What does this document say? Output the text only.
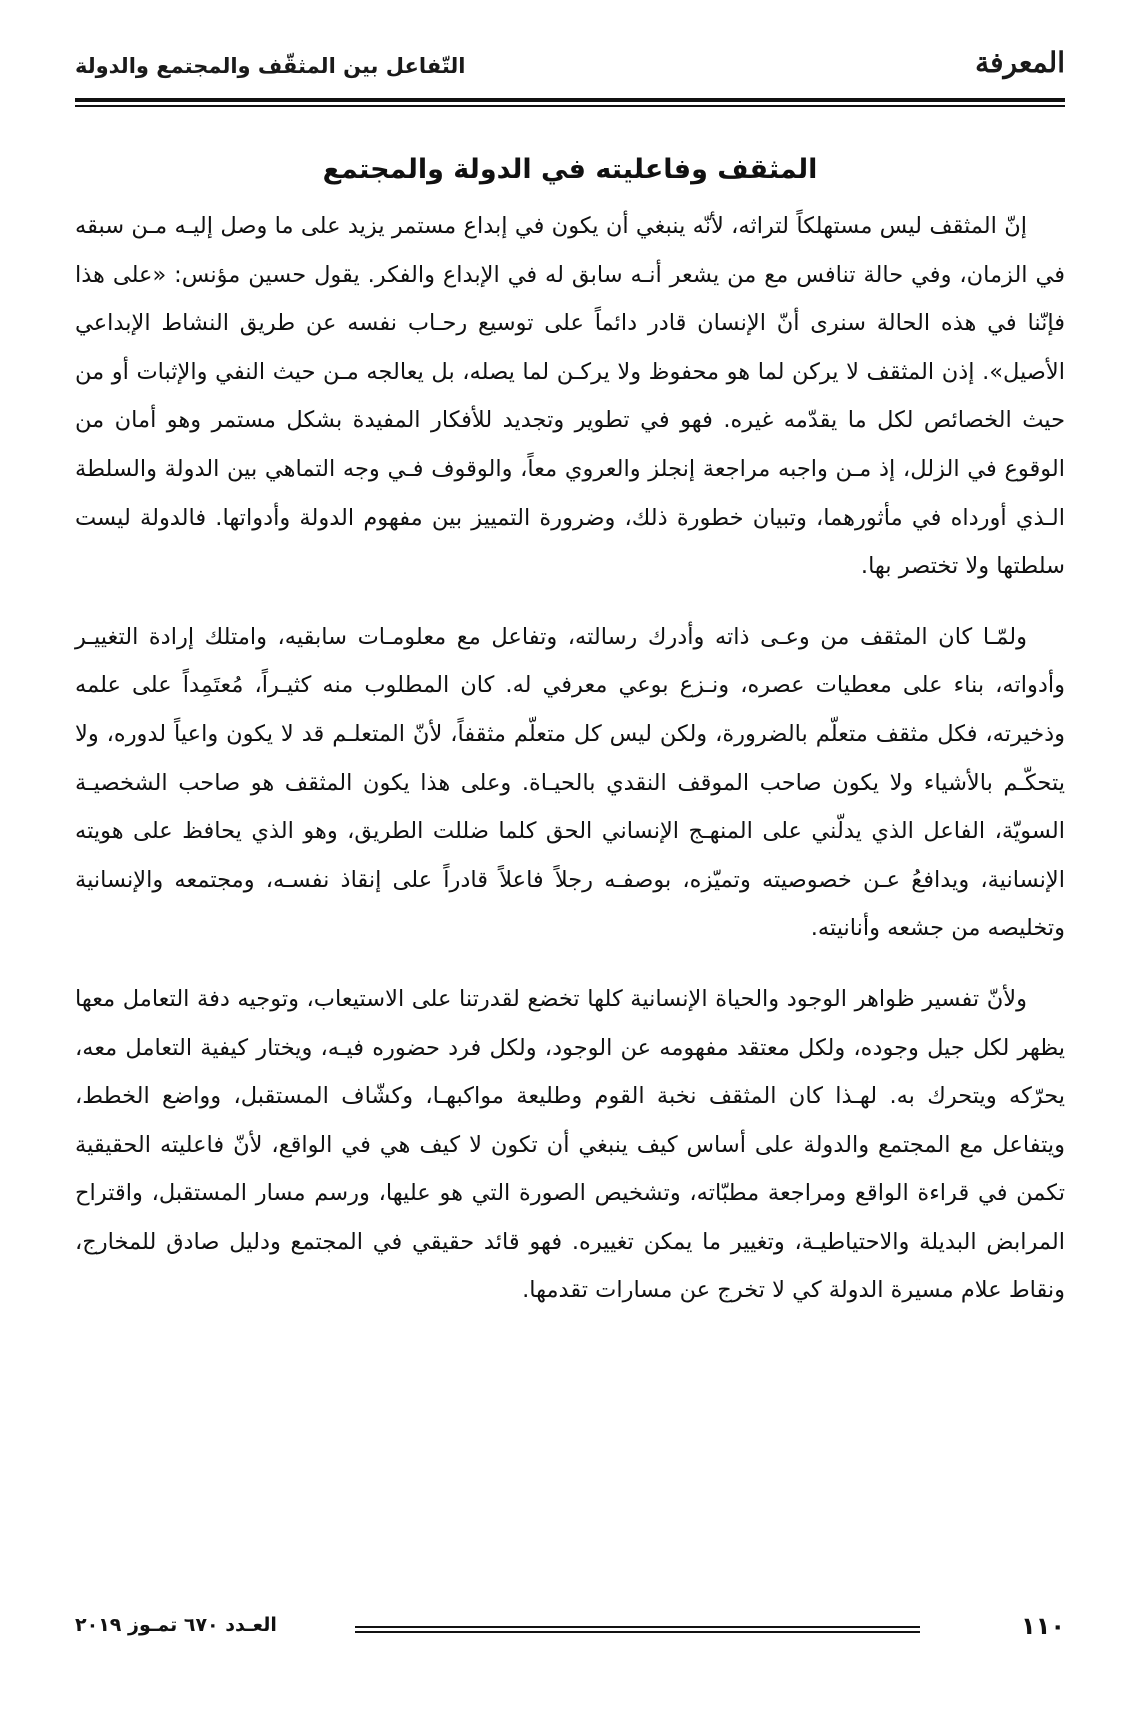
المعرفة
التّفاعل بين المثقّف والمجتمع والدولة
المثقف وفاعليته في الدولة والمجتمع

إنّ المثقف ليس مستهلكاً لتراثه، لأنّه ينبغي أن يكون في إبداع مستمر يزيد على ما وصل إليـه مـن سبقه في الزمان، وفي حالة تنافس مع من يشعر أنـه سابق له في الإبداع والفكر. يقول حسين مؤنس: «على هذا فإنّنا في هذه الحالة سنرى أنّ الإنسان قادر دائماً على توسيع رحـاب نفسه عن طريق النشاط الإبداعي الأصيل». إذن المثقف لا يركن لما هو محفوظ ولا يركـن لما يصله، بل يعالجه مـن حيث النفي والإثبات أو من حيث الخصائص لكل ما يقدّمه غيره. فهو في تطوير وتجديد للأفكار المفيدة بشكل مستمر وهو أمان من الوقوع في الزلل، إذ مـن واجبه مراجعة إنجلز والعروي معاً، والوقوف فـي وجه التماهي بين الدولة والسلطة الـذي أورداه في مأثورهما، وتبيان خطورة ذلك، وضرورة التمييز بين مفهوم الدولة وأدواتها. فالدولة ليست سلطتها ولا تختصر بها.

ولمّـا كان المثقف من وعـى ذاته وأدرك رسالته، وتفاعل مع معلومـات سابقيه، وامتلك إرادة التغييـر وأدواته، بناء على معطيات عصره، ونـزع بوعي معرفي له. كان المطلوب منه كثيـراً، مُعتَمِداً على علمه وذخيرته، فكل مثقف متعلّم بالضرورة، ولكن ليس كل متعلّم مثقفاً، لأنّ المتعلـم قد لا يكون واعياً لدوره، ولا يتحكّـم بالأشياء ولا يكون صاحب الموقف النقدي بالحيـاة. وعلى هذا يكون المثقف هو صاحب الشخصيـة السويّة، الفاعل الذي يدلّني على المنهـج الإنساني الحق كلما ضللت الطريق، وهو الذي يحافظ على هويته الإنسانية، ويدافعُ عـن خصوصيته وتميّزه، بوصفـه رجلاً فاعلاً قادراً على إنقاذ نفسـه، ومجتمعه والإنسانية وتخليصه من جشعه وأنانيته.

ولأنّ تفسير ظواهر الوجود والحياة الإنسانية كلها تخضع لقدرتنا على الاستيعاب، وتوجيه دفة التعامل معها يظهر لكل جيل وجوده، ولكل معتقد مفهومه عن الوجود، ولكل فرد حضوره فيـه، ويختار كيفية التعامل معه، يحرّكه ويتحرك به. لهـذا كان المثقف نخبة القوم وطليعة مواكبهـا، وكشّاف المستقبل، وواضع الخطط، ويتفاعل مع المجتمع والدولة على أساس كيف ينبغي أن تكون لا كيف هي في الواقع، لأنّ فاعليته الحقيقية تكمن في قراءة الواقع ومراجعة مطبّاته، وتشخيص الصورة التي هو عليها، ورسم مسار المستقبل، واقتراح المرابض البديلة والاحتياطيـة، وتغيير ما يمكن تغييره. فهو قائد حقيقي في المجتمع ودليل صادق للمخارج، ونقاط علام مسيرة الدولة كي لا تخرج عن مسارات تقدمها.

١١٠
العـدد ٦٧٠ تمـوز ٢٠١٩
